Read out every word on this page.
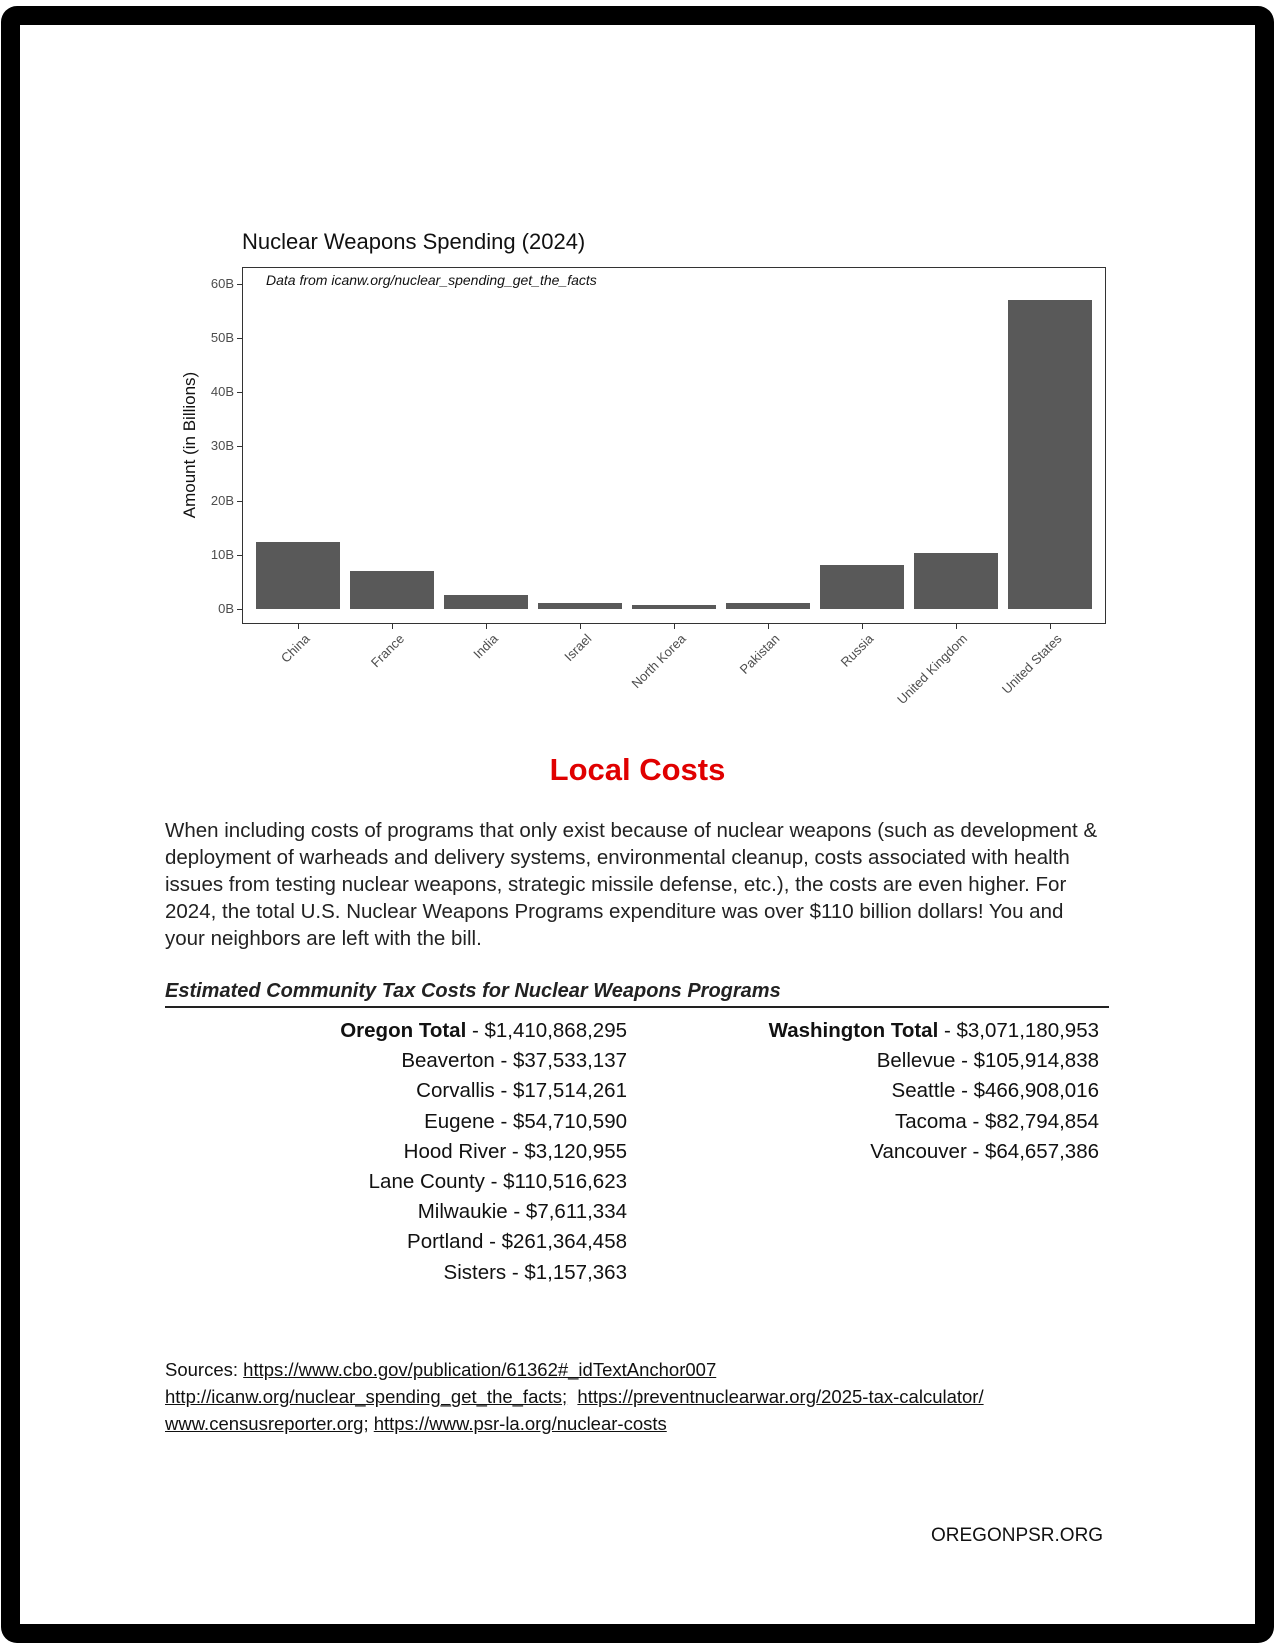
Nuclear Weapons Spending (2024)
Data from icanw.org/nuclear_spending_get_the_facts
Amount (in Billions)
0B
10B
20B
30B
40B
50B
60B
China	France	India	Israel	North Korea	Pakistan	Russia United Kingdom United States
Local Costs
When including costs of programs that only exist because of nuclear weapons (such as development & deployment of warheads and delivery systems, environmental cleanup, costs associated with health issues from testing nuclear weapons, strategic missile defense, etc.), the costs are even higher. For 2024, the total U.S. Nuclear Weapons Programs expenditure was over $110 billion dollars! You and your neighbors are left with the bill.
Estimated Community Tax Costs for Nuclear Weapons Programs
Oregon Total - $1,410,868,295
Beaverton - $37,533,137
Corvallis - $17,514,261
Eugene - $54,710,590
Hood River - $3,120,955
Lane County - $110,516,623
Milwaukie - $7,611,334
Portland - $261,364,458
Sisters - $1,157,363
Washington Total - $3,071,180,953
Bellevue - $105,914,838
Seattle - $466,908,016
Tacoma - $82,794,854
Vancouver - $64,657,386
Sources: https://www.cbo.gov/publication/61362#_idTextAnchor007
http://icanw.org/nuclear_spending_get_the_facts; https://preventnuclearwar.org/2025-tax-calculator/
www.censusreporter.org; https://www.psr-la.org/nuclear-costs
OREGONPSR.ORG
